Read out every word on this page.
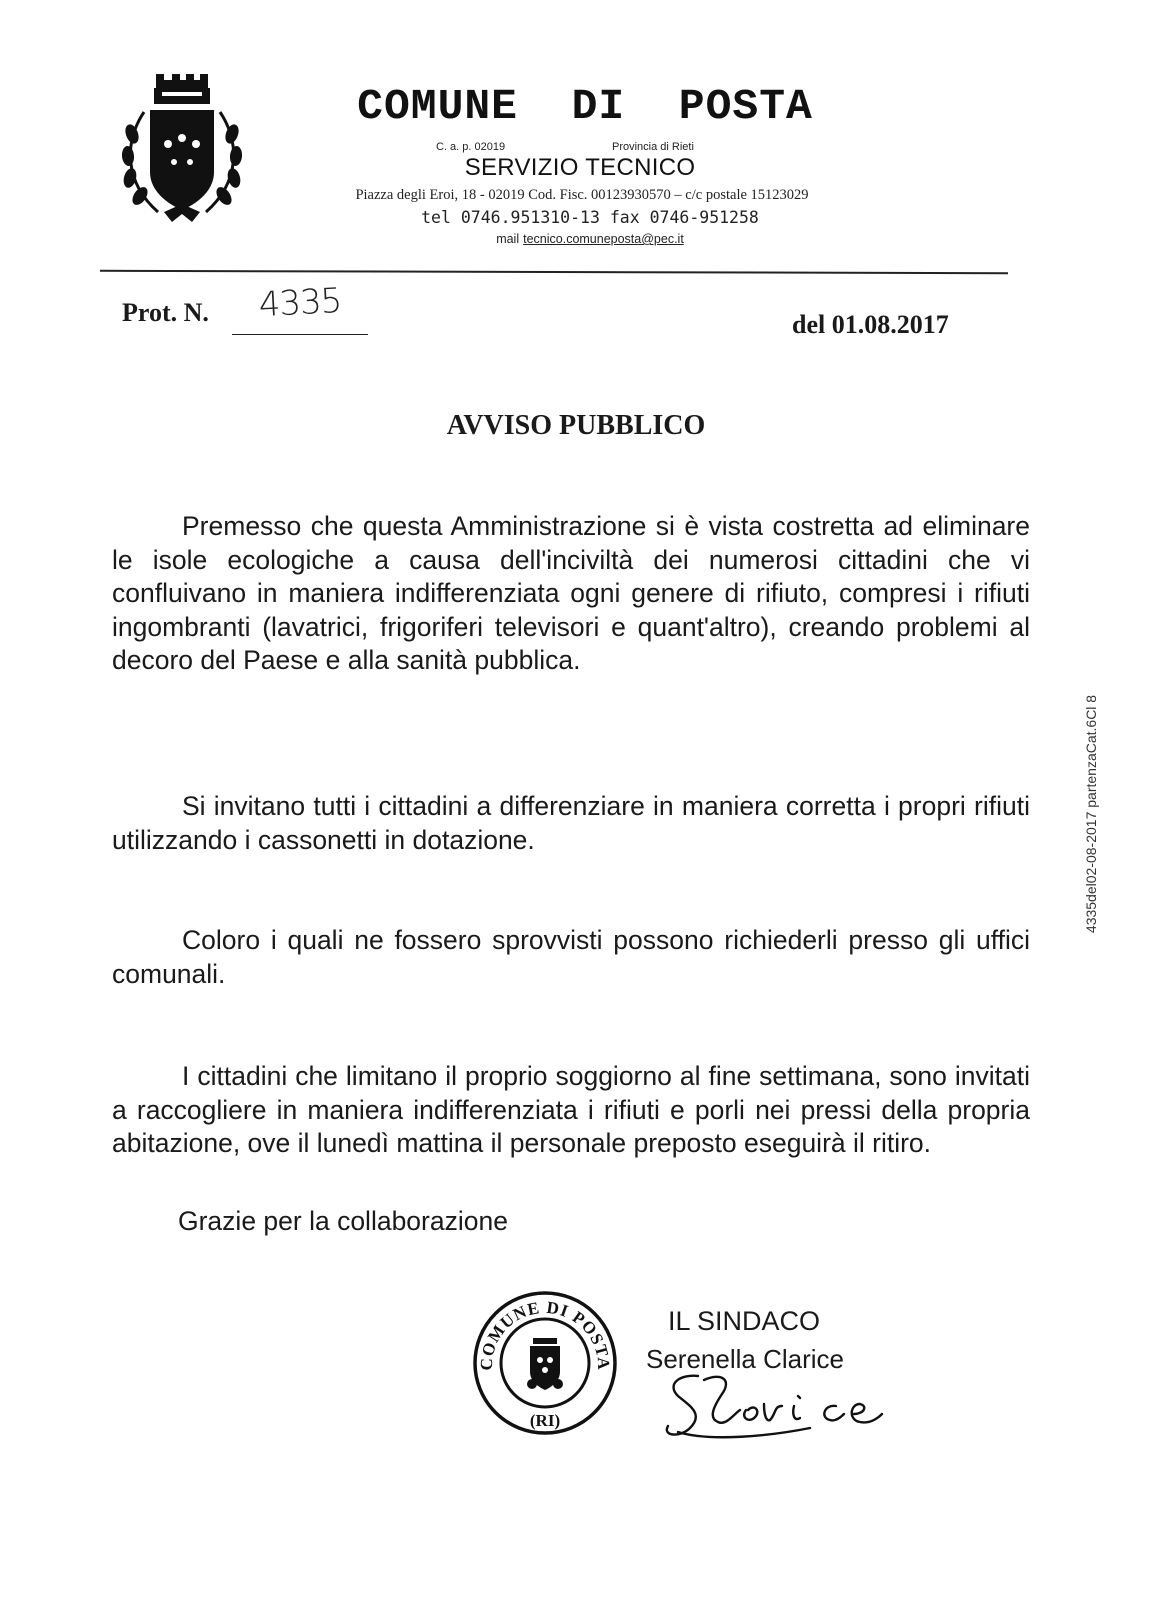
COMUNE  DI  POSTA
C. a. p. 02019	Provincia di Rieti
SERVIZIO TECNICO
Piazza degli Eroi, 18 - 02019 Cod. Fisc. 00123930570 – c/c postale 15123029
tel 0746.951310-13 fax 0746-951258
mail tecnico.comuneposta@pec.it
Prot. N.	4335	del 01.08.2017
AVVISO PUBBLICO
Premesso che questa Amministrazione si è vista costretta ad eliminare le isole ecologiche a causa dell'inciviltà dei numerosi cittadini che vi confluivano in maniera indifferenziata ogni genere di rifiuto, compresi i rifiuti ingombranti (lavatrici, frigoriferi televisori e quant'altro), creando problemi al decoro del Paese e alla sanità pubblica.
Si invitano tutti i cittadini a differenziare in maniera corretta i propri rifiuti utilizzando i cassonetti in dotazione.
Coloro i quali ne fossero sprovvisti possono richiederli presso gli uffici comunali.
I cittadini che limitano il proprio soggiorno al fine settimana, sono invitati a raccogliere in maniera indifferenziata i rifiuti e porli nei pressi della propria abitazione, ove il lunedì mattina il personale preposto eseguirà il ritiro.
Grazie per la collaborazione
4335del02-08-2017 partenzaCat.6Cl 8
COMUNE DI POSTA
(RI)
IL SINDACO
Serenella Clarice
